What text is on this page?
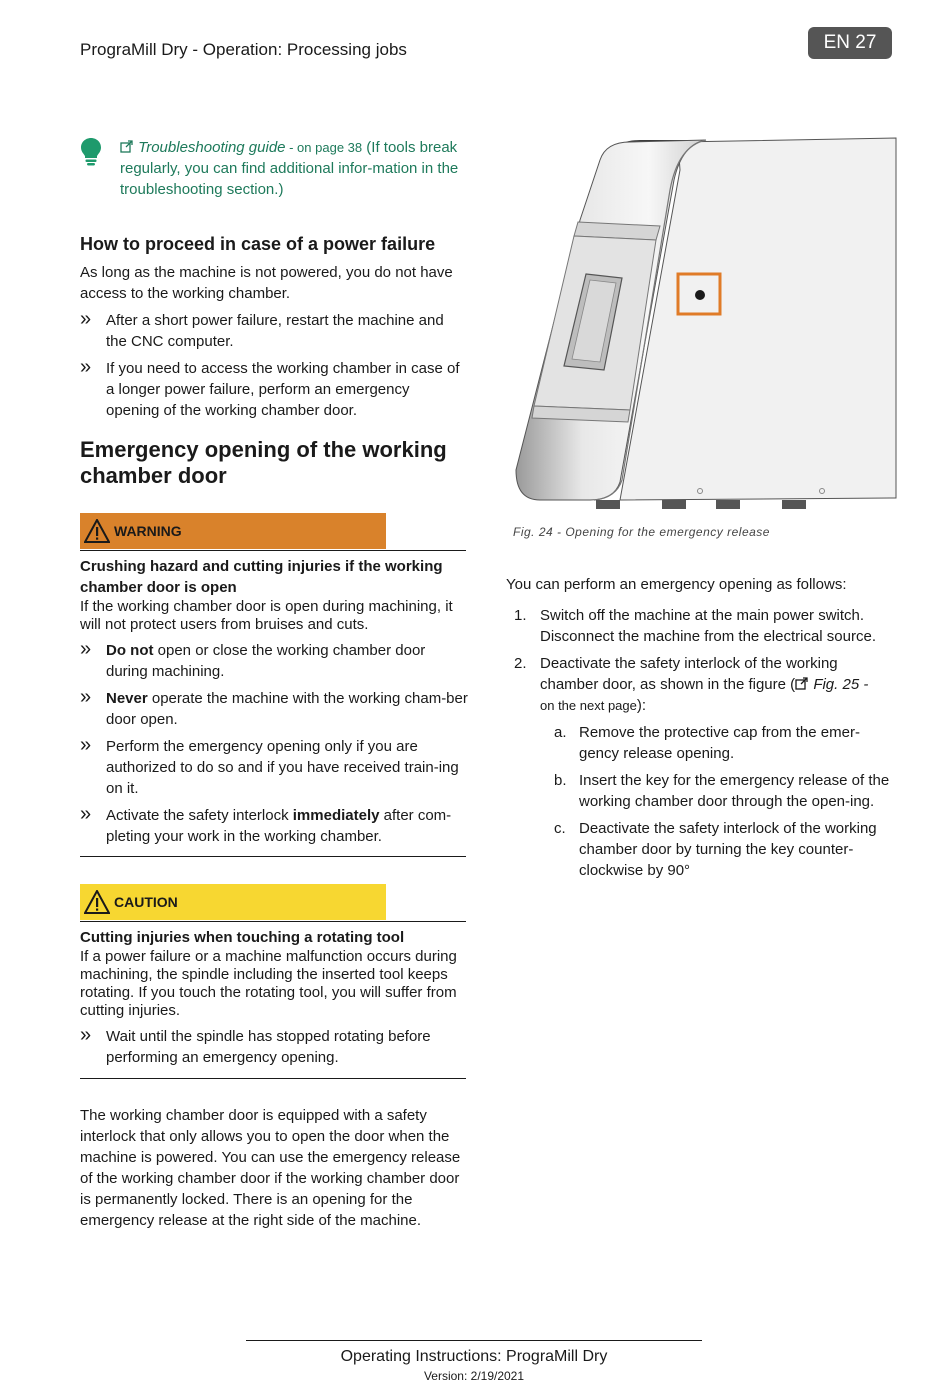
PrograMill Dry - Operation: Processing jobs	EN 27
Troubleshooting guide - on page 38 (If tools break regularly, you can find additional infor-mation in the troubleshooting section.)
How to proceed in case of a power failure
As long as the machine is not powered, you do not have access to the working chamber.
» After a short power failure, restart the machine and the CNC computer.
» If you need to access the working chamber in case of a longer power failure, perform an emergency opening of the working chamber door.
Emergency opening of the working chamber door
WARNING
Crushing hazard and cutting injuries if the working chamber door is open
If the working chamber door is open during machining, it will not protect users from bruises and cuts.
» Do not open or close the working chamber door during machining.
» Never operate the machine with the working cham-ber door open.
» Perform the emergency opening only if you are authorized to do so and if you have received train-ing on it.
» Activate the safety interlock immediately after com-pleting your work in the working chamber.
CAUTION
Cutting injuries when touching a rotating tool
If a power failure or a machine malfunction occurs during machining, the spindle including the inserted tool keeps rotating. If you touch the rotating tool, you will suffer from cutting injuries.
» Wait until the spindle has stopped rotating before performing an emergency opening.
The working chamber door is equipped with a safety interlock that only allows you to open the door when the machine is powered. You can use the emergency release of the working chamber door if the working chamber door is permanently locked. There is an opening for the emergency release at the right side of the machine.
Fig. 24 - Opening for the emergency release
You can perform an emergency opening as follows:
1. Switch off the machine at the main power switch. Disconnect the machine from the electrical source.
2. Deactivate the safety interlock of the working chamber door, as shown in the figure ( Fig. 25 -
on the next page):
a. Remove the protective cap from the emer-gency release opening.
b. Insert the key for the emergency release of the working chamber door through the open-ing.
c. Deactivate the safety interlock of the working chamber door by turning the key counter-clockwise by 90°
Operating Instructions: PrograMill Dry
Version: 2/19/2021
